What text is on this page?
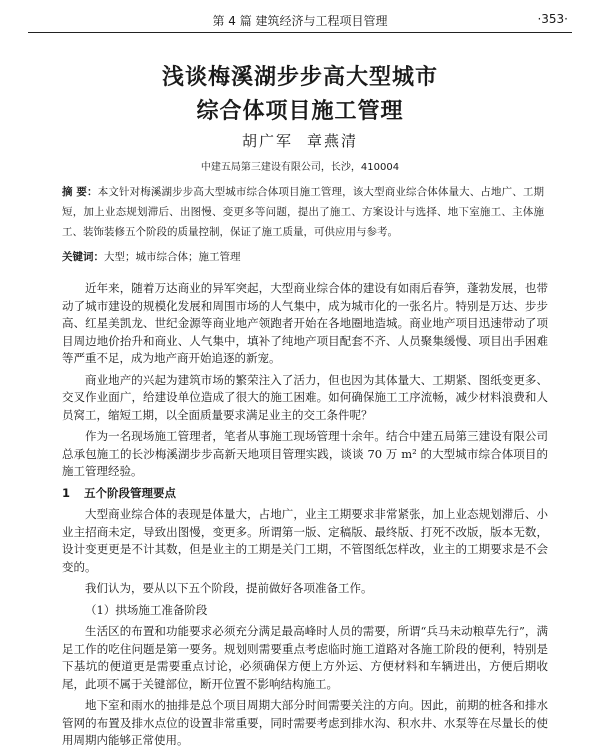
第 4 篇 建筑经济与工程项目管理	·353·
浅谈梅溪湖步步高大型城市
综合体项目施工管理
胡广军 章燕清
中建五局第三建设有限公司，长沙，410004
摘 要：本文针对梅溪湖步步高大型城市综合体项目施工管理，该大型商业综合体体量大、占地广、工期短，加上业态规划滞后、出图慢、变更多等问题，提出了施工、方案设计与选择、地下室施工、主体施工、装饰装修五个阶段的质量控制，保证了施工质量，可供应用与参考。
关键词：大型；城市综合体；施工管理

近年来，随着万达商业的异军突起，大型商业综合体的建设有如雨后春笋，蓬勃发展，也带动了城市建设的规模化发展和周围市场的人气集中，成为城市化的一张名片。特别是万达、步步高、红星美凯龙、世纪金源等商业地产领跑者开始在各地圈地造城。商业地产项目迅速带动了项目周边地价抬升和商业、人气集中，填补了纯地产项目配套不齐、人员聚集缓慢、项目出手困难等严重不足，成为地产商开始追逐的新宠。

商业地产的兴起为建筑市场的繁荣注入了活力，但也因为其体量大、工期紧、图纸变更多、交叉作业面广，给建设单位造成了很大的施工困难。如何确保施工工序流畅，减少材料浪费和人员窝工，缩短工期，以全面质量要求满足业主的交工条件呢？

作为一名现场施工管理者，笔者从事施工现场管理十余年。结合中建五局第三建设有限公司总承包施工的长沙梅溪湖步步高新天地项目管理实践，谈谈 70 万 m² 的大型城市综合体项目的施工管理经验。

1 五个阶段管理要点

大型商业综合体的表现是体量大，占地广，业主工期要求非常紧张，加上业态规划滞后、小业主招商未定，导致出图慢，变更多。所谓第一版、定稿版、最终版、打死不改版，版本无数，设计变更更是不计其数，但是业主的工期是关门工期，不管图纸怎样改，业主的工期要求是不会变的。

我们认为，要从以下五个阶段，提前做好各项准备工作。

（1）拱场施工准备阶段

生活区的布置和功能要求必须充分满足最高峰时人员的需要，所谓“兵马未动粮草先行”，满足工作的吃住问题是第一要务。规划则需要重点考虑临时施工道路对各施工阶段的便利，特别是下基坑的便道更是需要重点讨论，必须确保方便上方外运、方便材料和车辆进出，方便后期收尾，此项不属于关键部位，断开位置不影响结构施工。

地下室和雨水的抽排是总个项目周期大部分时间需要关注的方向。因此，前期的桩各和排水管网的布置及排水点位的设置非常重要，同时需要考虑到排水沟、积水井、水泵等在尽量长的使用周期内能够正常使用。
